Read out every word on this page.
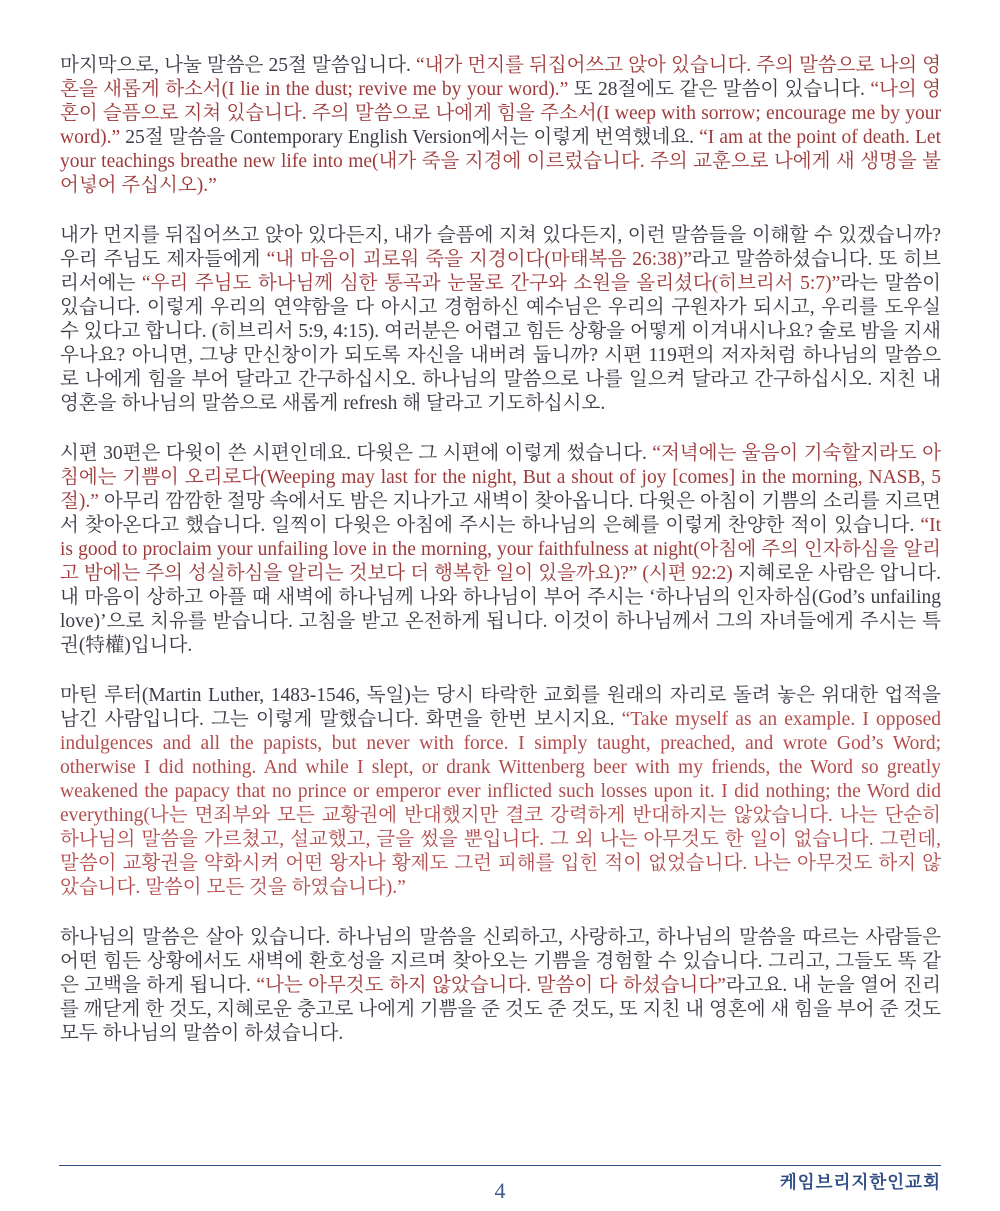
마지막으로, 나눌 말씀은 25절 말씀입니다. “내가 먼지를 뒤집어쓰고 앉아 있습니다. 주의 말씀으로 나의 영혼을 새롭게 하소서(I lie in the dust; revive me by your word).” 또 28절에도 같은 말씀이 있습니다. “나의 영혼이 슬픔으로 지쳐 있습니다. 주의 말씀으로 나에게 힘을 주소서(I weep with sorrow; encourage me by your word).” 25절 말씀을 Contemporary English Version에서는 이렇게 번역했네요. “I am at the point of death. Let your teachings breathe new life into me(내가 죽을 지경에 이르렀습니다. 주의 교훈으로 나에게 새 생명을 불어넣어 주십시오).”

내가 먼지를 뒤집어쓰고 앉아 있다든지, 내가 슬픔에 지쳐 있다든지, 이런 말씀들을 이해할 수 있겠습니까? 우리 주님도 제자들에게 “내 마음이 괴로워 죽을 지경이다(마태복음 26:38)”라고 말씀하셨습니다. 또 히브리서에는 “우리 주님도 하나님께 심한 통곡과 눈물로 간구와 소원을 올리셨다(히브리서 5:7)”라는 말씀이 있습니다. 이렇게 우리의 연약함을 다 아시고 경험하신 예수님은 우리의 구원자가 되시고, 우리를 도우실 수 있다고 합니다. (히브리서 5:9, 4:15). 여러분은 어렵고 힘든 상황을 어떻게 이겨내시나요? 술로 밤을 지새우나요? 아니면, 그냥 만신창이가 되도록 자신을 내버려 둡니까? 시편 119편의 저자처럼 하나님의 말씀으로 나에게 힘을 부어 달라고 간구하십시오. 하나님의 말씀으로 나를 일으켜 달라고 간구하십시오. 지친 내 영혼을 하나님의 말씀으로 새롭게 refresh 해 달라고 기도하십시오.

시편 30편은 다윗이 쓴 시편인데요. 다윗은 그 시편에 이렇게 썼습니다. “저녁에는 울음이 기숙할지라도 아침에는 기쁨이 오리로다(Weeping may last for the night, But a shout of joy [comes] in the morning, NASB, 5절).” 아무리 깜깜한 절망 속에서도 밤은 지나가고 새벽이 찾아옵니다. 다윗은 아침이 기쁨의 소리를 지르면서 찾아온다고 했습니다. 일찍이 다윗은 아침에 주시는 하나님의 은혜를 이렇게 찬양한 적이 있습니다. “It is good to proclaim your unfailing love in the morning, your faithfulness at night(아침에 주의 인자하심을 알리고 밤에는 주의 성실하심을 알리는 것보다 더 행복한 일이 있을까요)?” (시편 92:2) 지혜로운 사람은 압니다. 내 마음이 상하고 아플 때 새벽에 하나님께 나와 하나님이 부어 주시는 ‘하나님의 인자하심(God’s unfailing love)’으로 치유를 받습니다. 고침을 받고 온전하게 됩니다. 이것이 하나님께서 그의 자녀들에게 주시는 특권(特權)입니다.

마틴 루터(Martin Luther, 1483-1546, 독일)는 당시 타락한 교회를 원래의 자리로 돌려 놓은 위대한 업적을 남긴 사람입니다. 그는 이렇게 말했습니다. 화면을 한번 보시지요. “Take myself as an example. I opposed indulgences and all the papists, but never with force. I simply taught, preached, and wrote God’s Word; otherwise I did nothing. And while I slept, or drank Wittenberg beer with my friends, the Word so greatly weakened the papacy that no prince or emperor ever inflicted such losses upon it. I did nothing; the Word did everything(나는 면죄부와 모든 교황권에 반대했지만 결코 강력하게 반대하지는 않았습니다. 나는 단순히 하나님의 말씀을 가르쳤고, 설교했고, 글을 썼을 뿐입니다. 그 외 나는 아무것도 한 일이 없습니다. 그런데, 말씀이 교황권을 약화시켜 어떤 왕자나 황제도 그런 피해를 입힌 적이 없었습니다. 나는 아무것도 하지 않았습니다. 말씀이 모든 것을 하였습니다).”

하나님의 말씀은 살아 있습니다. 하나님의 말씀을 신뢰하고, 사랑하고, 하나님의 말씀을 따르는 사람들은 어떤 힘든 상황에서도 새벽에 환호성을 지르며 찾아오는 기쁨을 경험할 수 있습니다. 그리고, 그들도 똑 같은 고백을 하게 됩니다. “나는 아무것도 하지 않았습니다. 말씀이 다 하셨습니다”라고요. 내 눈을 열어 진리를 깨닫게 한 것도, 지혜로운 충고로 나에게 기쁨을 준 것도 준 것도, 또 지친 내 영혼에 새 힘을 부어 준 것도 모두 하나님의 말씀이 하셨습니다.

케임브리지한인교회
4
